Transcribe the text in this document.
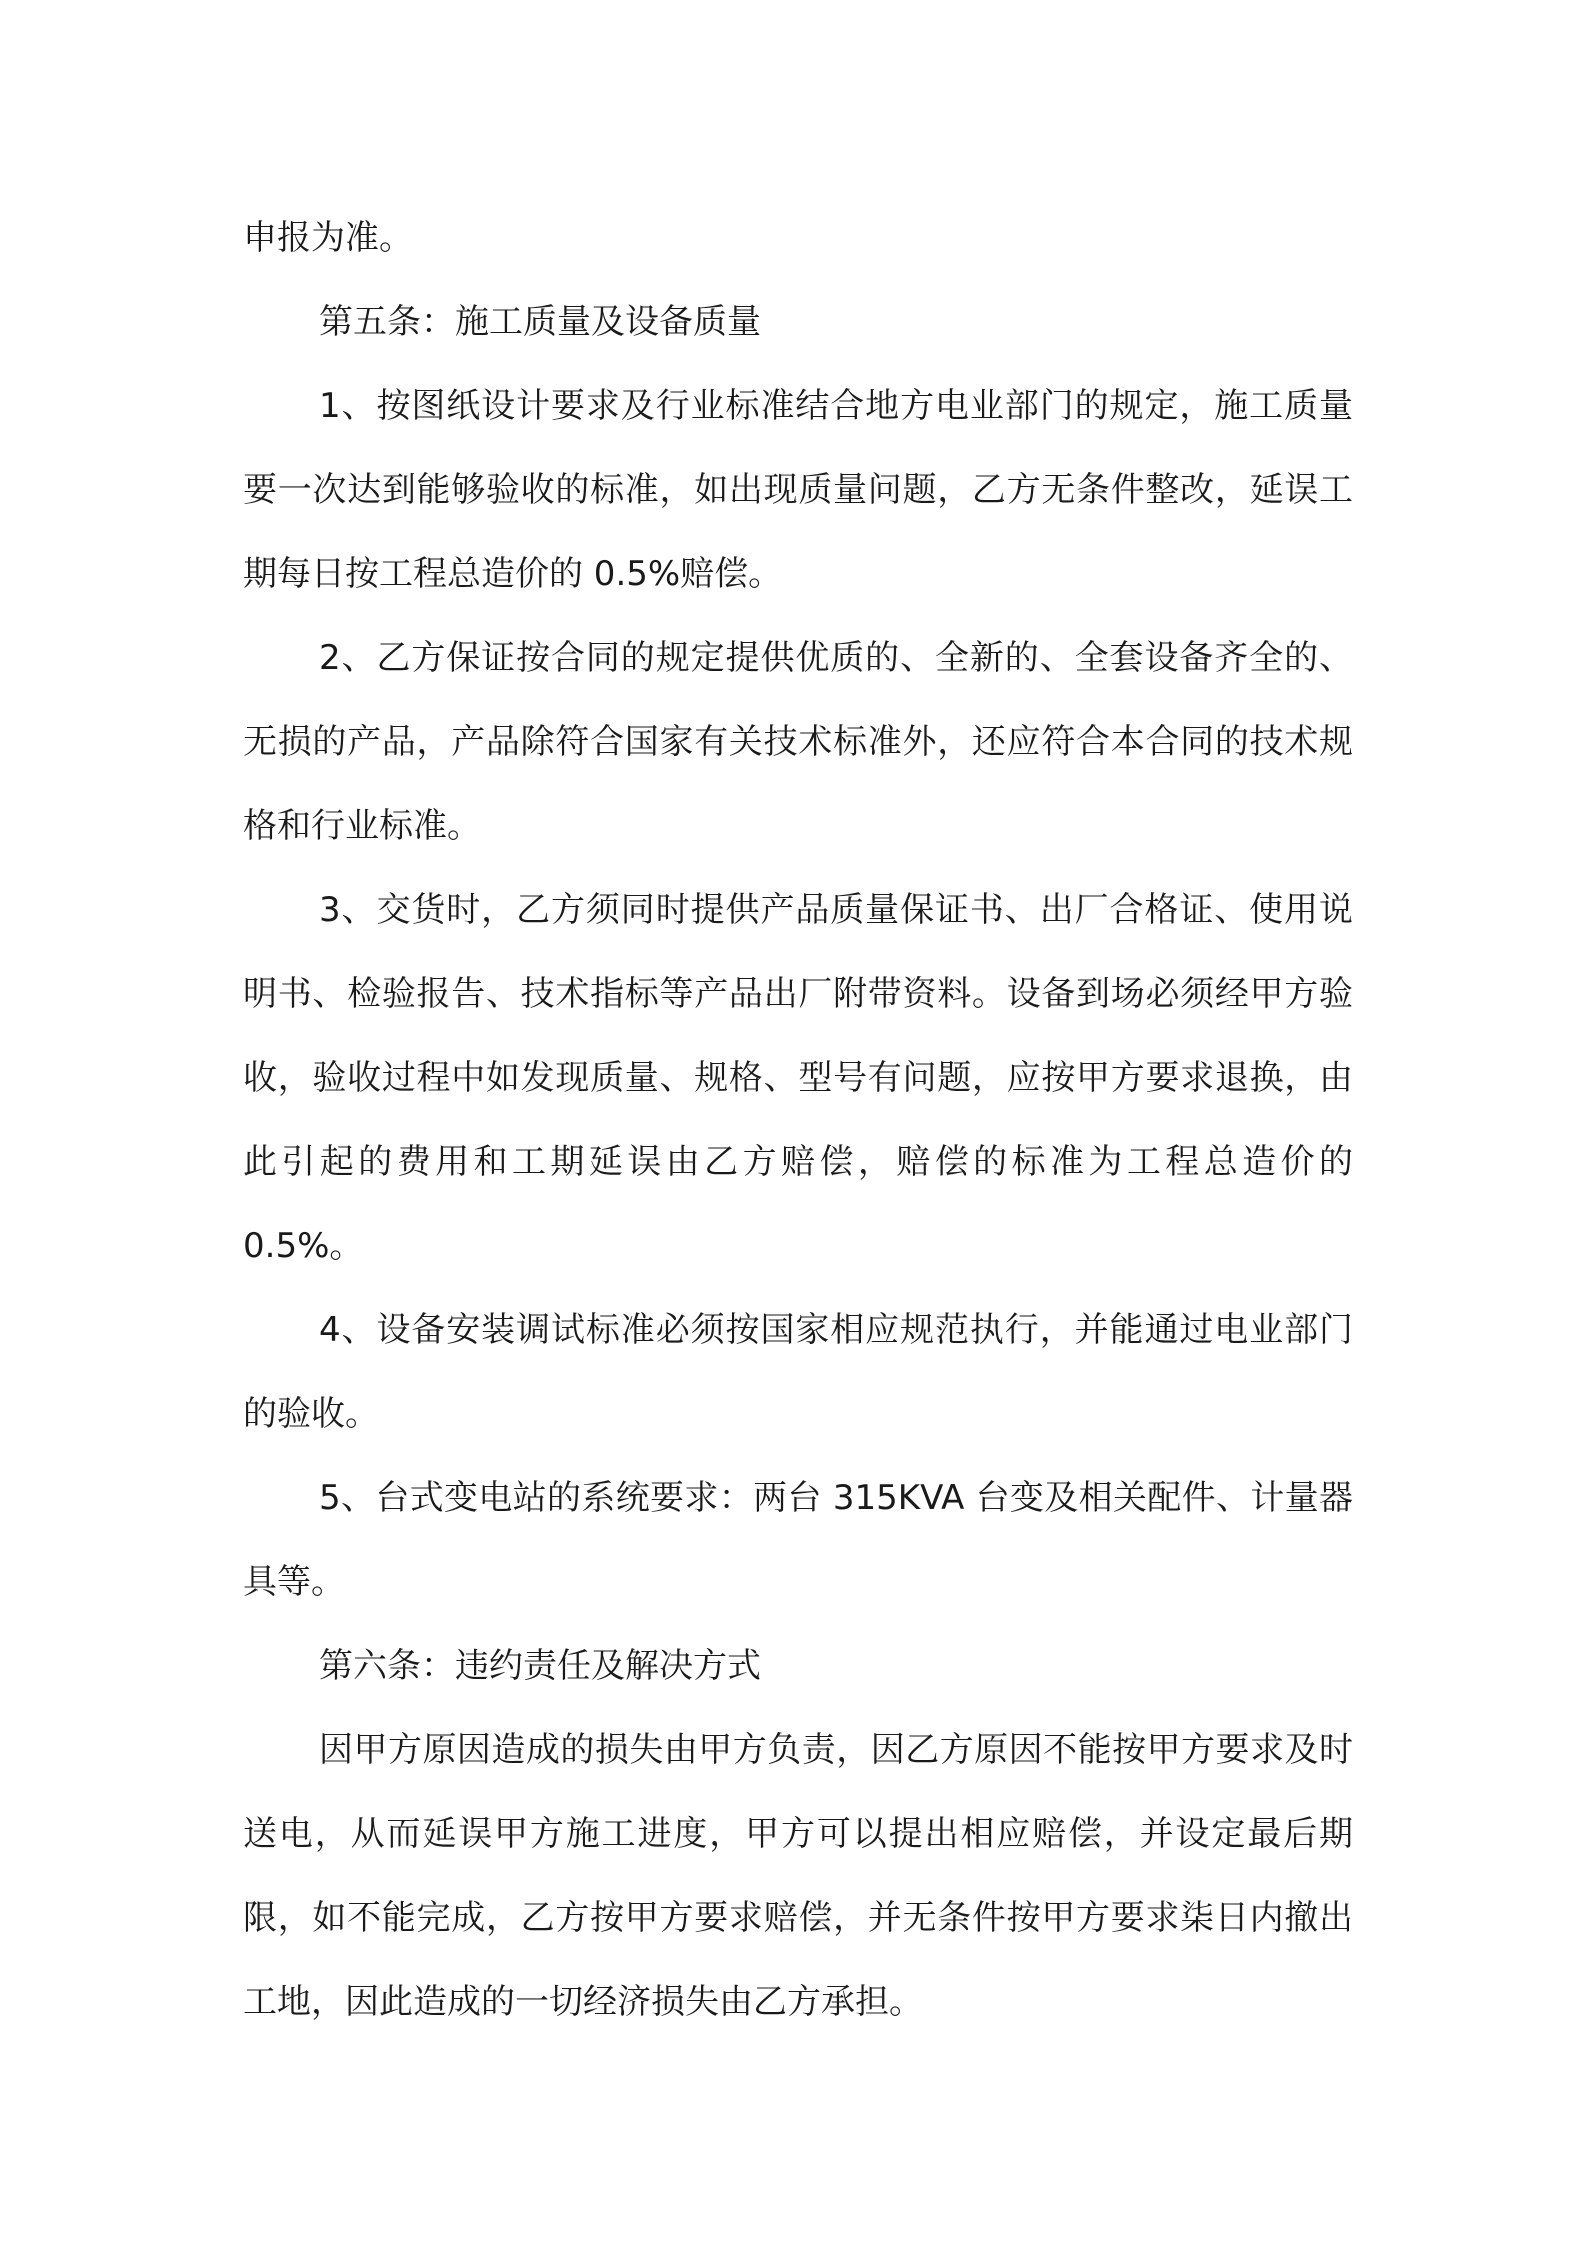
申报为准。

第五条：施工质量及设备质量

1、按图纸设计要求及行业标准结合地方电业部门的规定，施工质量要一次达到能够验收的标准，如出现质量问题，乙方无条件整改，延误工期每日按工程总造价的 0.5%赔偿。

2、乙方保证按合同的规定提供优质的、全新的、全套设备齐全的、无损的产品，产品除符合国家有关技术标准外，还应符合本合同的技术规格和行业标准。

3、交货时，乙方须同时提供产品质量保证书、出厂合格证、使用说明书、检验报告、技术指标等产品出厂附带资料。设备到场必须经甲方验收，验收过程中如发现质量、规格、型号有问题，应按甲方要求退换，由此引起的费用和工期延误由乙方赔偿，赔偿的标准为工程总造价的 0.5%。

4、设备安装调试标准必须按国家相应规范执行，并能通过电业部门的验收。

5、台式变电站的系统要求：两台 315KVA 台变及相关配件、计量器具等。

第六条：违约责任及解决方式

因甲方原因造成的损失由甲方负责，因乙方原因不能按甲方要求及时送电，从而延误甲方施工进度，甲方可以提出相应赔偿，并设定最后期限，如不能完成，乙方按甲方要求赔偿，并无条件按甲方要求柒日内撤出工地，因此造成的一切经济损失由乙方承担。
